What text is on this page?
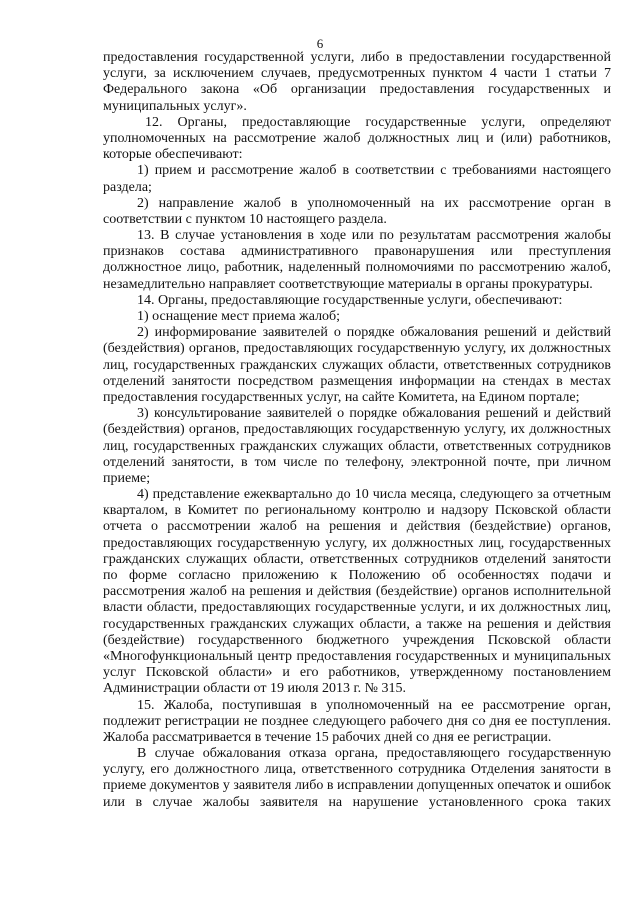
6
предоставления государственной услуги, либо в предоставлении государственной
услуги, за исключением случаев, предусмотренных пунктом 4 части 1 статьи 7
Федерального закона «Об организации предоставления государственных и
муниципальных услуг».
12. Органы, предоставляющие государственные услуги, определяют
уполномоченных на рассмотрение жалоб должностных лиц и (или) работников,
которые обеспечивают:
1) прием и рассмотрение жалоб в соответствии с требованиями настоящего
раздела;
2) направление жалоб в уполномоченный на их рассмотрение орган в
соответствии с пунктом 10 настоящего раздела.
13. В случае установления в ходе или по результатам рассмотрения жалобы
признаков состава административного правонарушения или преступления
должностное лицо, работник, наделенный полномочиями по рассмотрению жалоб,
незамедлительно направляет соответствующие материалы в органы прокуратуры.
14. Органы, предоставляющие государственные услуги, обеспечивают:
1) оснащение мест приема жалоб;
2) информирование заявителей о порядке обжалования решений и действий
(бездействия) органов, предоставляющих государственную услугу, их должностных
лиц, государственных гражданских служащих области, ответственных сотрудников
отделений занятости посредством размещения информации на стендах в местах
предоставления государственных услуг, на сайте Комитета, на Едином портале;
3) консультирование заявителей о порядке обжалования решений и действий
(бездействия) органов, предоставляющих государственную услугу, их должностных
лиц, государственных гражданских служащих области, ответственных сотрудников
отделений занятости, в том числе по телефону, электронной почте, при личном
приеме;
4) представление ежеквартально до 10 числа месяца, следующего за отчетным
кварталом, в Комитет по региональному контролю и надзору Псковской области
отчета о рассмотрении жалоб на решения и действия (бездействие) органов,
предоставляющих государственную услугу, их должностных лиц, государственных
гражданских служащих области, ответственных сотрудников отделений занятости
по форме согласно приложению к Положению об особенностях подачи и
рассмотрения жалоб на решения и действия (бездействие) органов исполнительной
власти области, предоставляющих государственные услуги, и их должностных лиц,
государственных гражданских служащих области, а также на решения и действия
(бездействие) государственного бюджетного учреждения Псковской области
«Многофункциональный центр предоставления государственных и муниципальных
услуг Псковской области» и его работников, утвержденному постановлением
Администрации области от 19 июля 2013 г. № 315.
15. Жалоба, поступившая в уполномоченный на ее рассмотрение орган,
подлежит регистрации не позднее следующего рабочего дня со дня ее поступления.
Жалоба рассматривается в течение 15 рабочих дней со дня ее регистрации.
В случае обжалования отказа органа, предоставляющего государственную
услугу, его должностного лица, ответственного сотрудника Отделения занятости в
приеме документов у заявителя либо в исправлении допущенных опечаток и ошибок
или в случае жалобы заявителя на нарушение установленного срока таких
